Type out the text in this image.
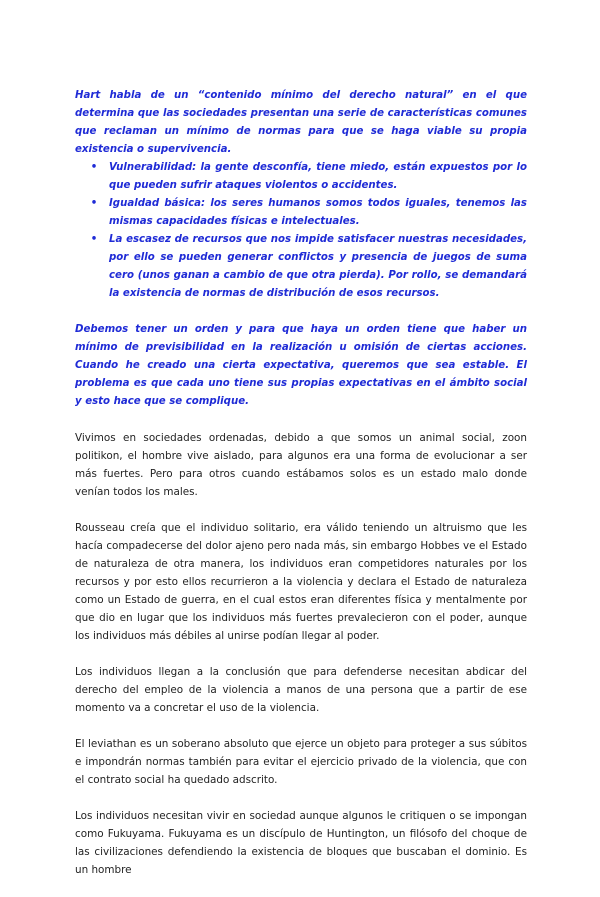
Hart habla de un “contenido mínimo del derecho natural” en el que determina que las sociedades presentan una serie de características comunes que reclaman un mínimo de normas para que se haga viable su propia existencia o supervivencia.

• Vulnerabilidad: la gente desconfía, tiene miedo, están expuestos por lo que pueden sufrir ataques violentos o accidentes.
• Igualdad básica: los seres humanos somos todos iguales, tenemos las mismas capacidades físicas e intelectuales.
• La escasez de recursos que nos impide satisfacer nuestras necesidades, por ello se pueden generar conflictos y presencia de juegos de suma cero (unos ganan a cambio de que otra pierda). Por rollo, se demandará la existencia de normas de distribución de esos recursos.

Debemos tener un orden y para que haya un orden tiene que haber un mínimo de previsibilidad en la realización u omisión de ciertas acciones. Cuando he creado una cierta expectativa, queremos que sea estable. El problema es que cada uno tiene sus propias expectativas en el ámbito social y esto hace que se complique.

Vivimos en sociedades ordenadas, debido a que somos un animal social, zoon politikon, el hombre vive aislado, para algunos era una forma de evolucionar a ser más fuertes. Pero para otros cuando estábamos solos es un estado malo donde venían todos los males.

Rousseau creía que el individuo solitario, era válido teniendo un altruismo que les hacía compadecerse del dolor ajeno pero nada más, sin embargo Hobbes ve el Estado de naturaleza de otra manera, los individuos eran competidores naturales por los recursos y por esto ellos recurrieron a la violencia y declara el Estado de naturaleza como un Estado de guerra, en el cual estos eran diferentes física y mentalmente por que dio en lugar que los individuos más fuertes prevalecieron con el poder, aunque los individuos más débiles al unirse podían llegar al poder.

Los individuos llegan a la conclusión que para defenderse necesitan abdicar del derecho del empleo de la violencia a manos de una persona que a partir de ese momento va a concretar el uso de la violencia.

El leviathan es un soberano absoluto que ejerce un objeto para proteger a sus súbitos e impondrán normas también para evitar el ejercicio privado de la violencia, que con el contrato social ha quedado adscrito.

Los individuos necesitan vivir en sociedad aunque algunos le critiquen o se impongan como Fukuyama. Fukuyama es un discípulo de Huntington, un filósofo del choque de las civilizaciones defendiendo la existencia de bloques que buscaban el dominio. Es un hombre
